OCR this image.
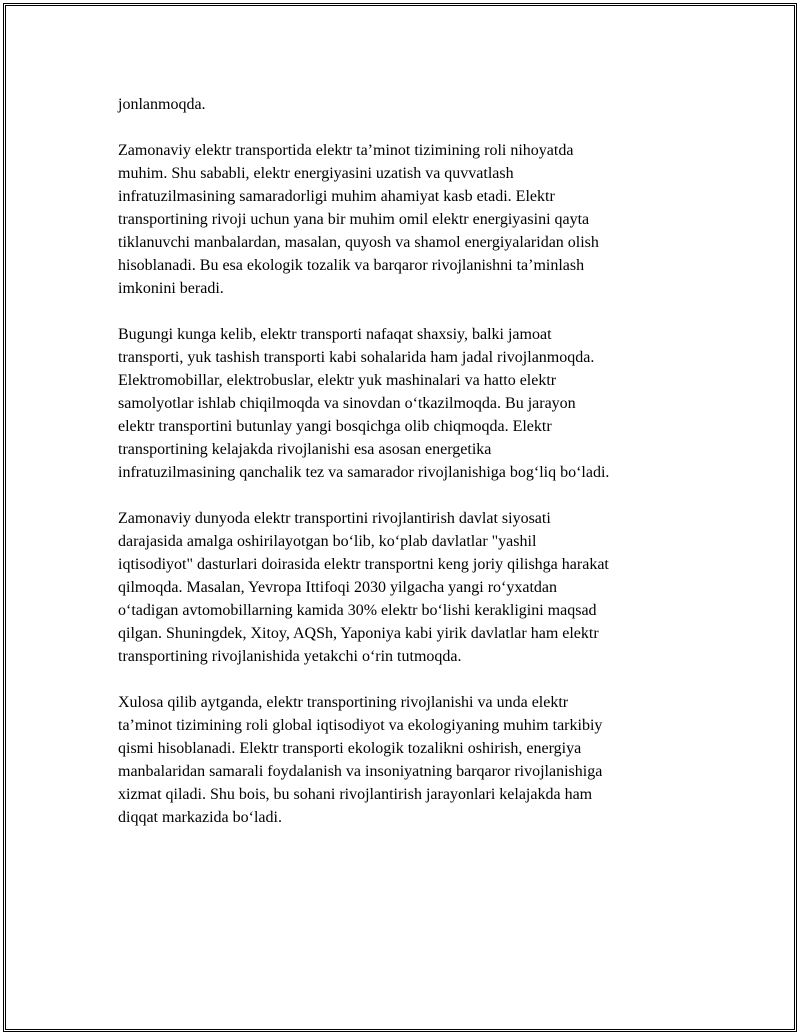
jonlanmoqda.

Zamonaviy elektr transportida elektr ta’minot tizimining roli nihoyatda
muhim. Shu sababli, elektr energiyasini uzatish va quvvatlash
infratuzilmasining samaradorligi muhim ahamiyat kasb etadi. Elektr
transportining rivoji uchun yana bir muhim omil elektr energiyasini qayta
tiklanuvchi manbalardan, masalan, quyosh va shamol energiyalaridan olish
hisoblanadi. Bu esa ekologik tozalik va barqaror rivojlanishni ta’minlash
imkonini beradi.

Bugungi kunga kelib, elektr transporti nafaqat shaxsiy, balki jamoat
transporti, yuk tashish transporti kabi sohalarida ham jadal rivojlanmoqda.
Elektromobillar, elektrobuslar, elektr yuk mashinalari va hatto elektr
samolyotlar ishlab chiqilmoqda va sinovdan o‘tkazilmoqda. Bu jarayon
elektr transportini butunlay yangi bosqichga olib chiqmoqda. Elektr
transportining kelajakda rivojlanishi esa asosan energetika
infratuzilmasining qanchalik tez va samarador rivojlanishiga bog‘liq bo‘ladi.

Zamonaviy dunyoda elektr transportini rivojlantirish davlat siyosati
darajasida amalga oshirilayotgan bo‘lib, ko‘plab davlatlar "yashil
iqtisodiyot" dasturlari doirasida elektr transportni keng joriy qilishga harakat
qilmoqda. Masalan, Yevropa Ittifoqi 2030 yilgacha yangi ro‘yxatdan
o‘tadigan avtomobillarning kamida 30% elektr bo‘lishi kerakligini maqsad
qilgan. Shuningdek, Xitoy, AQSh, Yaponiya kabi yirik davlatlar ham elektr
transportining rivojlanishida yetakchi o‘rin tutmoqda.

Xulosa qilib aytganda, elektr transportining rivojlanishi va unda elektr
ta’minot tizimining roli global iqtisodiyot va ekologiyaning muhim tarkibiy
qismi hisoblanadi. Elektr transporti ekologik tozalikni oshirish, energiya
manbalaridan samarali foydalanish va insoniyatning barqaror rivojlanishiga
xizmat qiladi. Shu bois, bu sohani rivojlantirish jarayonlari kelajakda ham
diqqat markazida bo‘ladi.
